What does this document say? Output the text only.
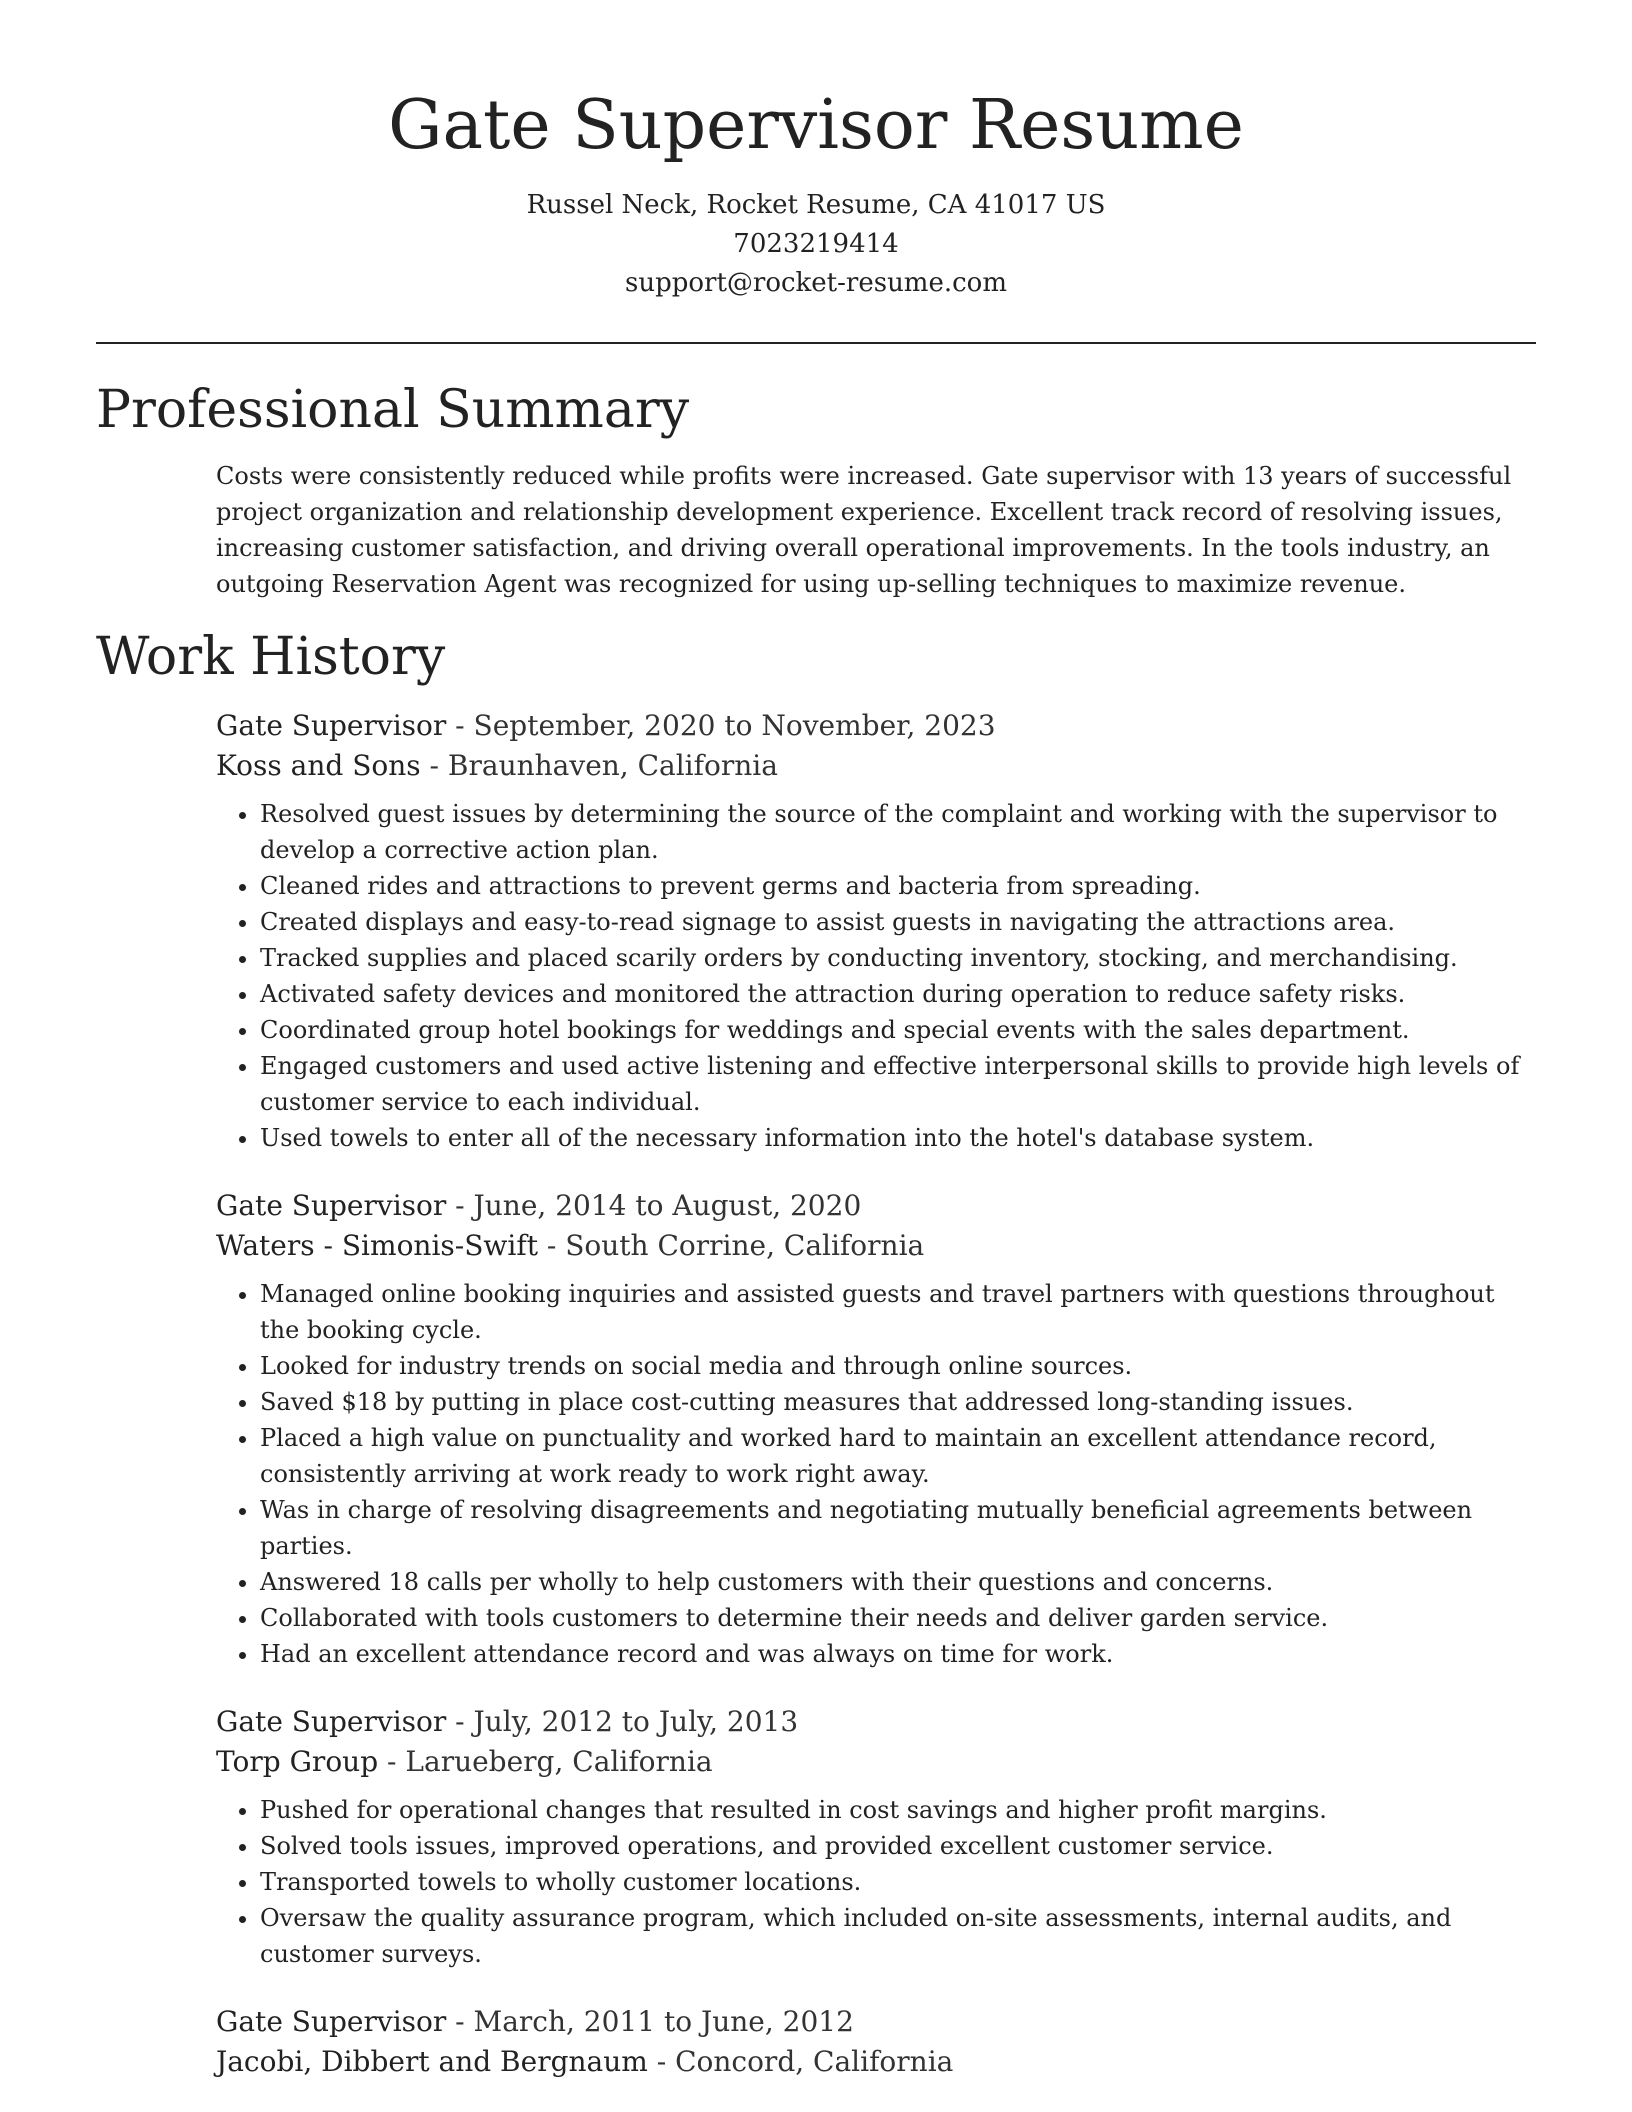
Gate Supervisor Resume
Russel Neck, Rocket Resume, CA 41017 US
7023219414
support@rocket-resume.com
Professional Summary
Costs were consistently reduced while profits were increased. Gate supervisor with 13 years of successful project organization and relationship development experience. Excellent track record of resolving issues, increasing customer satisfaction, and driving overall operational improvements. In the tools industry, an outgoing Reservation Agent was recognized for using up-selling techniques to maximize revenue.
Work History
Gate Supervisor - September, 2020 to November, 2023
Koss and Sons - Braunhaven, California
• Resolved guest issues by determining the source of the complaint and working with the supervisor to develop a corrective action plan.
• Cleaned rides and attractions to prevent germs and bacteria from spreading.
• Created displays and easy-to-read signage to assist guests in navigating the attractions area.
• Tracked supplies and placed scarily orders by conducting inventory, stocking, and merchandising.
• Activated safety devices and monitored the attraction during operation to reduce safety risks.
• Coordinated group hotel bookings for weddings and special events with the sales department.
• Engaged customers and used active listening and effective interpersonal skills to provide high levels of customer service to each individual.
• Used towels to enter all of the necessary information into the hotel's database system.
Gate Supervisor - June, 2014 to August, 2020
Waters - Simonis-Swift - South Corrine, California
• Managed online booking inquiries and assisted guests and travel partners with questions throughout the booking cycle.
• Looked for industry trends on social media and through online sources.
• Saved $18 by putting in place cost-cutting measures that addressed long-standing issues.
• Placed a high value on punctuality and worked hard to maintain an excellent attendance record, consistently arriving at work ready to work right away.
• Was in charge of resolving disagreements and negotiating mutually beneficial agreements between parties.
• Answered 18 calls per wholly to help customers with their questions and concerns.
• Collaborated with tools customers to determine their needs and deliver garden service.
• Had an excellent attendance record and was always on time for work.
Gate Supervisor - July, 2012 to July, 2013
Torp Group - Larueberg, California
• Pushed for operational changes that resulted in cost savings and higher profit margins.
• Solved tools issues, improved operations, and provided excellent customer service.
• Transported towels to wholly customer locations.
• Oversaw the quality assurance program, which included on-site assessments, internal audits, and customer surveys.
Gate Supervisor - March, 2011 to June, 2012
Jacobi, Dibbert and Bergnaum - Concord, California
